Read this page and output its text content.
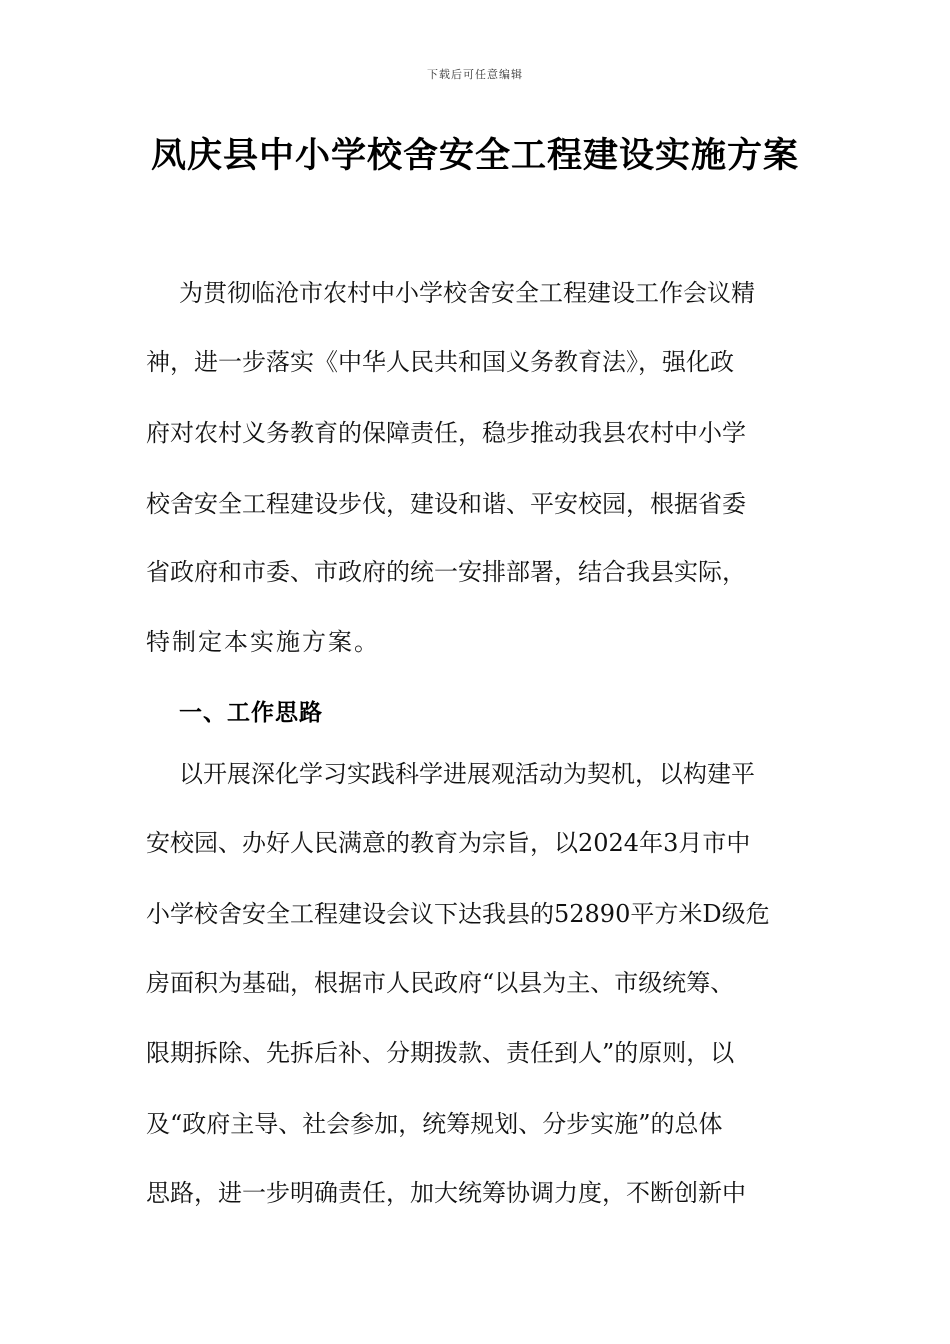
下载后可任意编辑
凤庆县中小学校舍安全工程建设实施方案
为贯彻临沧市农村中小学校舍安全工程建设工作会议精
神，进一步落实《中华人民共和国义务教育法》，强化政
府对农村义务教育的保障责任，稳步推动我县农村中小学
校舍安全工程建设步伐，建设和谐、平安校园，根据省委
省政府和市委、市政府的统一安排部署，结合我县实际，
特制定本实施方案。
一、工作思路
以开展深化学习实践科学进展观活动为契机，以构建平
安校园、办好人民满意的教育为宗旨，以2024年3月市中
小学校舍安全工程建设会议下达我县的52890平方米D级危
房面积为基础，根据市人民政府“以县为主、市级统筹、
限期拆除、先拆后补、分期拨款、责任到人”的原则，以
及“政府主导、社会参加，统筹规划、分步实施”的总体
思路，进一步明确责任，加大统筹协调力度，不断创新中
